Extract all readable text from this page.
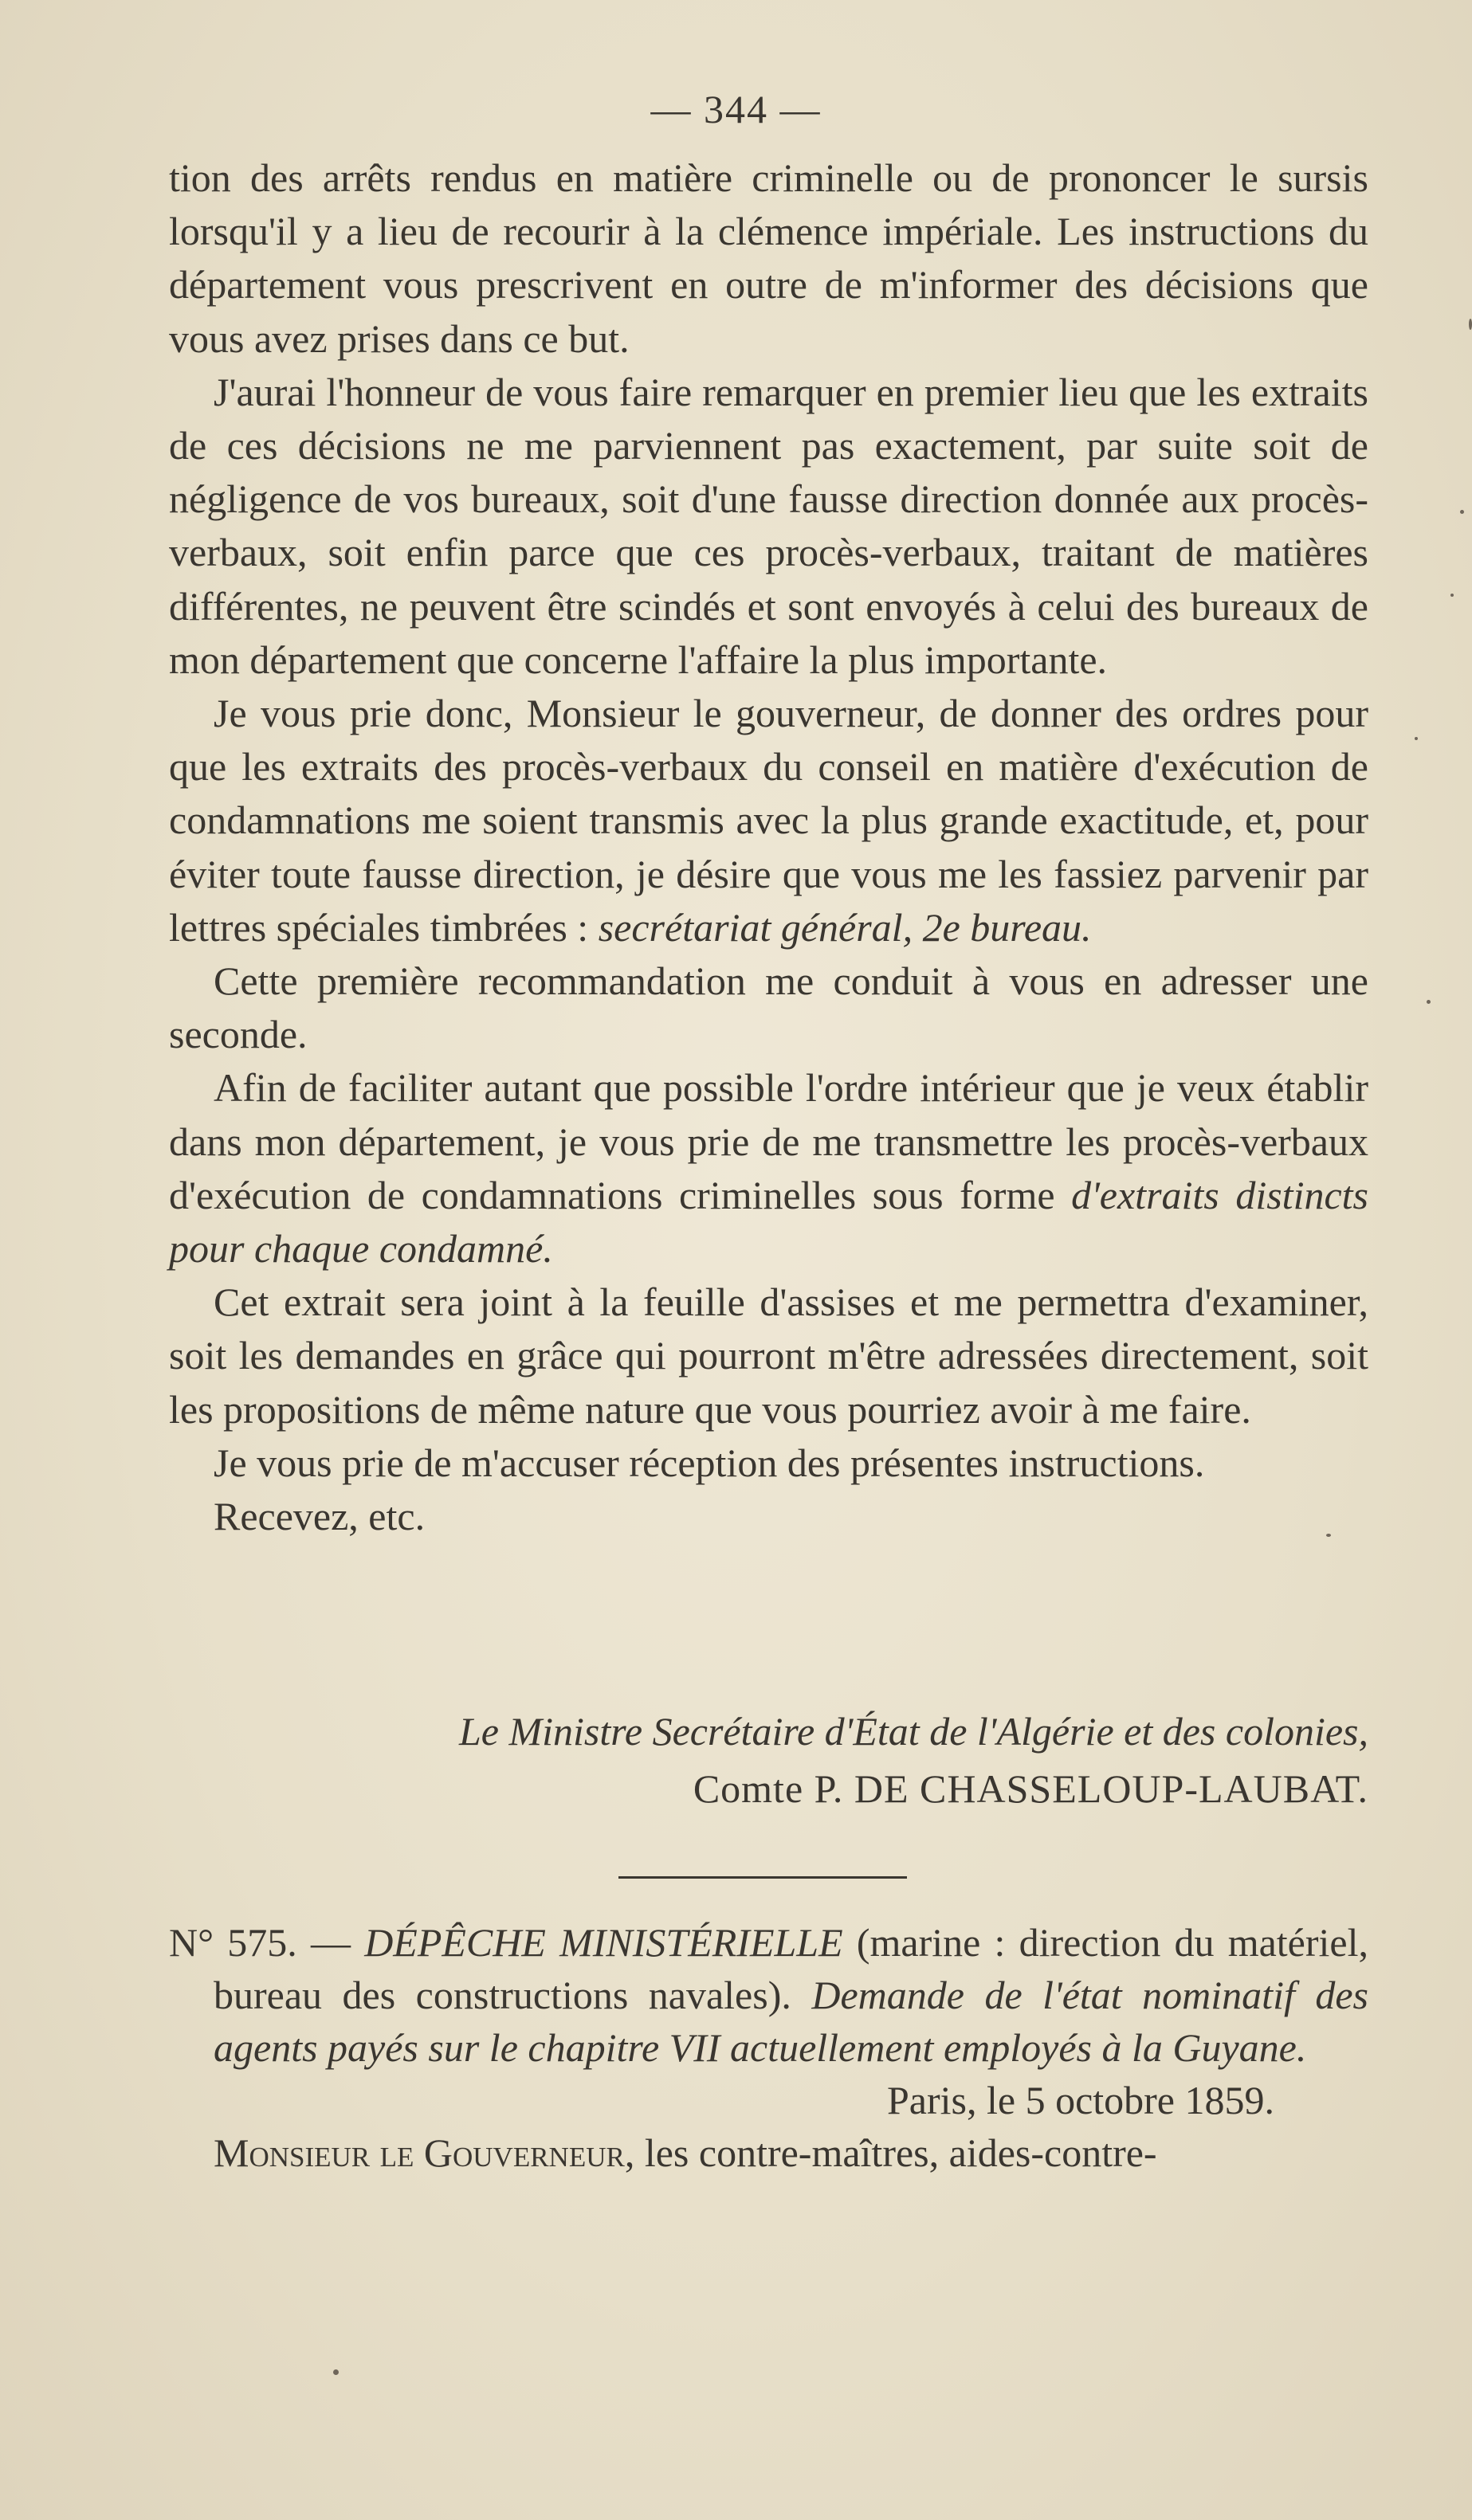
— 344 —

tion des arrêts rendus en matière criminelle ou de prononcer le sursis lorsqu'il y a lieu de recourir à la clémence impériale. Les instructions du département vous prescrivent en outre de m'informer des décisions que vous avez prises dans ce but.

J'aurai l'honneur de vous faire remarquer en premier lieu que les extraits de ces décisions ne me parviennent pas exactement, par suite soit de négligence de vos bureaux, soit d'une fausse direction donnée aux procès-verbaux, soit enfin parce que ces procès-verbaux, traitant de matières différentes, ne peuvent être scindés et sont envoyés à celui des bureaux de mon département que concerne l'affaire la plus importante.

Je vous prie donc, Monsieur le gouverneur, de donner des ordres pour que les extraits des procès-verbaux du conseil en matière d'exécution de condamnations me soient transmis avec la plus grande exactitude, et, pour éviter toute fausse direction, je désire que vous me les fassiez parvenir par lettres spéciales timbrées : secrétariat général, 2e bureau.

Cette première recommandation me conduit à vous en adresser une seconde.

Afin de faciliter autant que possible l'ordre intérieur que je veux établir dans mon département, je vous prie de me transmettre les procès-verbaux d'exécution de condamnations criminelles sous forme d'extraits distincts pour chaque condamné.

Cet extrait sera joint à la feuille d'assises et me permettra d'examiner, soit les demandes en grâce qui pourront m'être adressées directement, soit les propositions de même nature que vous pourriez avoir à me faire.

Je vous prie de m'accuser réception des présentes instructions.

Recevez, etc.

Le Ministre Secrétaire d'État de l'Algérie et des colonies,
Comte P. DE CHASSELOUP-LAUBAT.

N° 575. — DÉPÊCHE MINISTÉRIELLE (marine : direction du matériel, bureau des constructions navales). Demande de l'état nominatif des agents payés sur le chapitre VII actuellement employés à la Guyane.

Paris, le 5 octobre 1859.

Monsieur le Gouverneur, les contre-maîtres, aides-contre-
